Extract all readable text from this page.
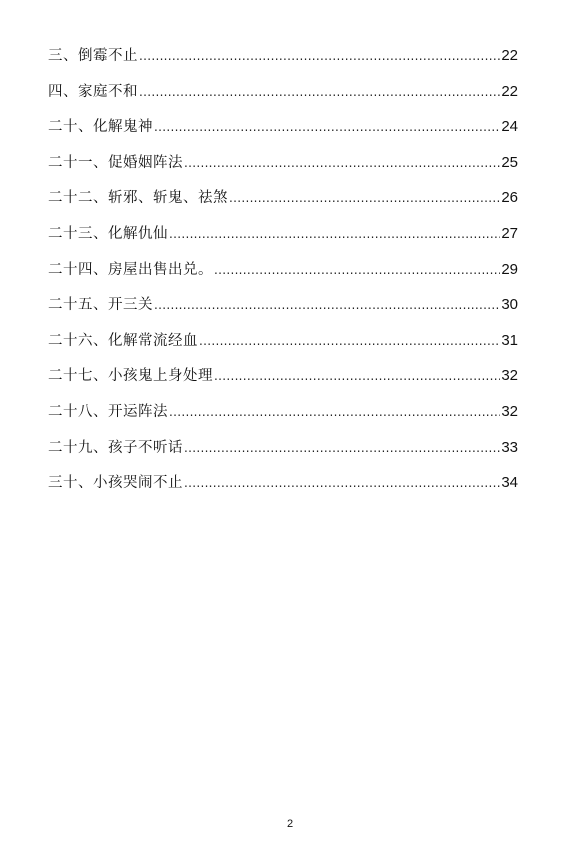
三、倒霉不止 .....	22
四、家庭不和 .....	22
二十、化解鬼神 .....	24
二十一、促婚姻阵法 .....	25
二十二、斩邪、斩鬼、祛煞 .....	26
二十三、化解仇仙 .....	27
二十四、房屋出售出兑。 .....	29
二十五、开三关 .....	30
二十六、化解常流经血 .....	31
二十七、小孩鬼上身处理 .....	32
二十八、开运阵法 .....	32
二十九、孩子不听话 .....	33
三十、小孩哭闹不止 .....	34
2
